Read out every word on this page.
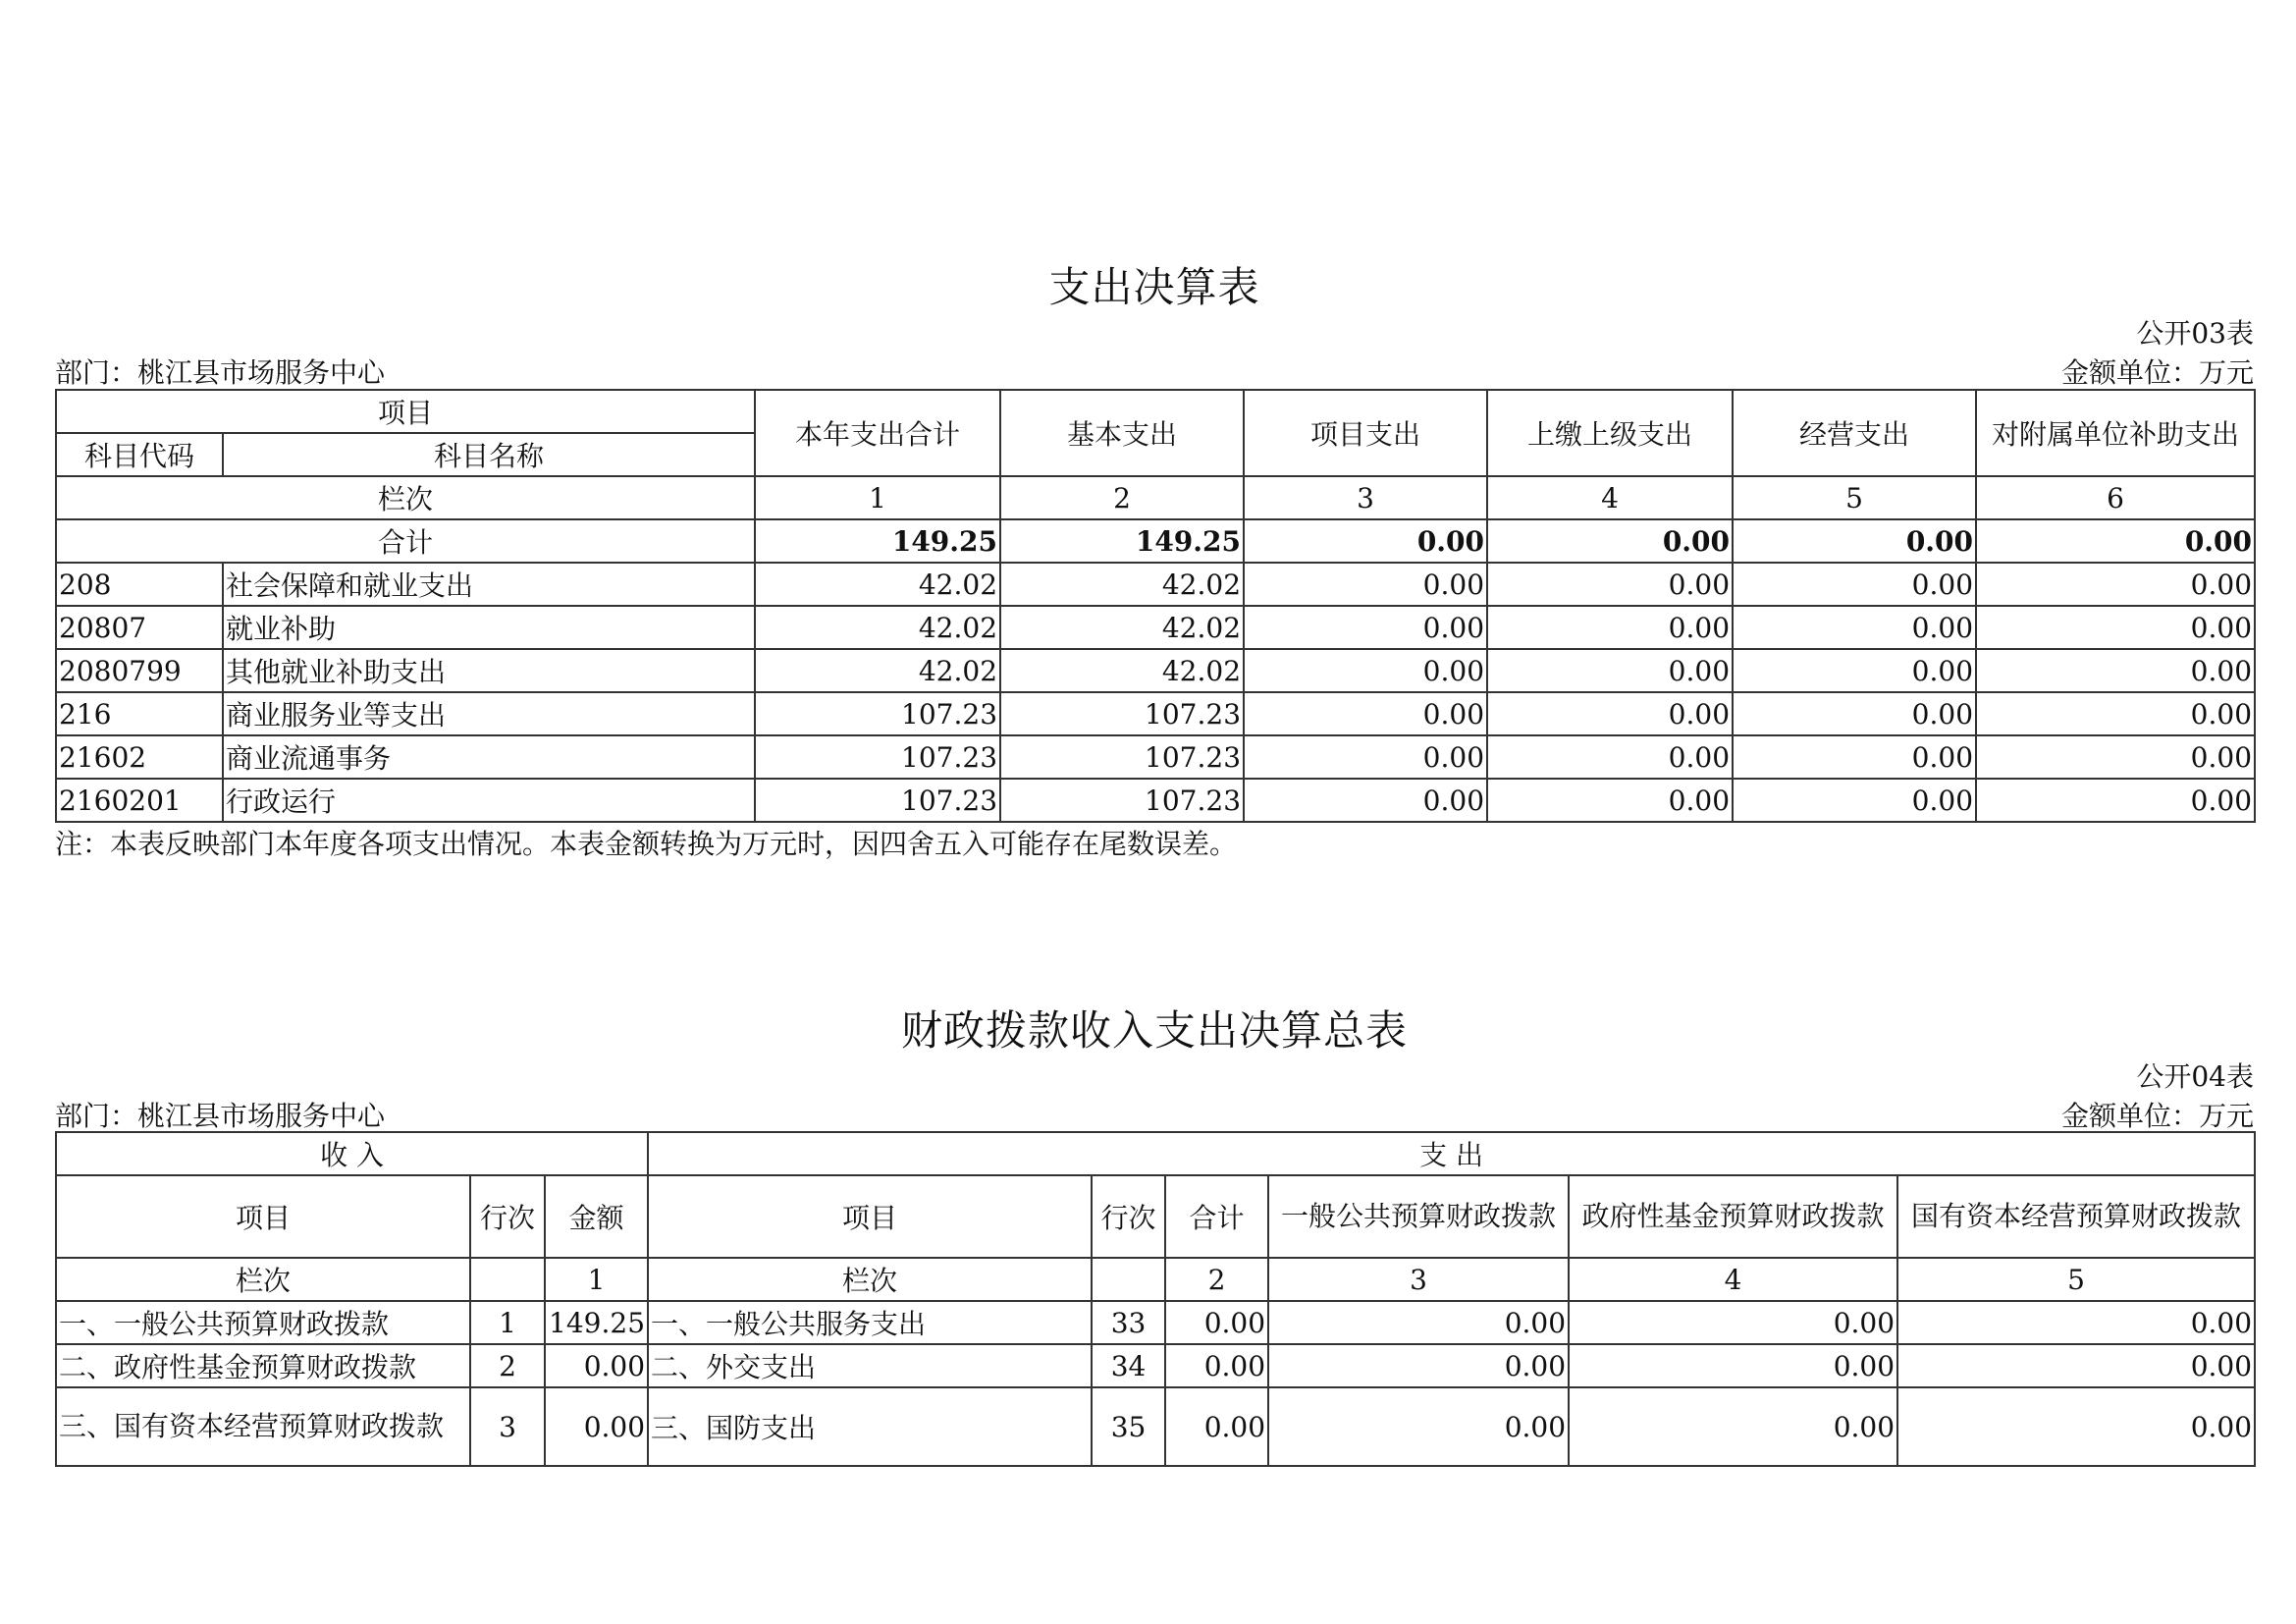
支出决算表
公开03表
部门：桃江县市场服务中心	金额单位：万元
项目		本年支出合计	基本支出	项目支出	上缴上级支出	经营支出	对附属单位补助支出
科目代码	科目名称						
栏次		1	2	3	4	5	6
合计		149.25	149.25	0.00	0.00	0.00	0.00
208	社会保障和就业支出	42.02	42.02	0.00	0.00	0.00	0.00
20807	就业补助	42.02	42.02	0.00	0.00	0.00	0.00
2080799	其他就业补助支出	42.02	42.02	0.00	0.00	0.00	0.00
216	商业服务业等支出	107.23	107.23	0.00	0.00	0.00	0.00
21602	商业流通事务	107.23	107.23	0.00	0.00	0.00	0.00
2160201	行政运行	107.23	107.23	0.00	0.00	0.00	0.00
注：本表反映部门本年度各项支出情况。本表金额转换为万元时，因四舍五入可能存在尾数误差。
财政拨款收入支出决算总表
公开04表
部门：桃江县市场服务中心	金额单位：万元
收 入			支 出					
项目	行次	金额	项目	行次	合计	一般公共预算财政拨款	政府性基金预算财政拨款	国有资本经营预算财政拨款
栏次		1	栏次		2	3	4	5
一、一般公共预算财政拨款	1	149.25	一、一般公共服务支出	33	0.00	0.00	0.00	0.00
二、政府性基金预算财政拨款	2	0.00	二、外交支出	34	0.00	0.00	0.00	0.00
三、国有资本经营预算财政拨款	3	0.00	三、国防支出	35	0.00	0.00	0.00	0.00
